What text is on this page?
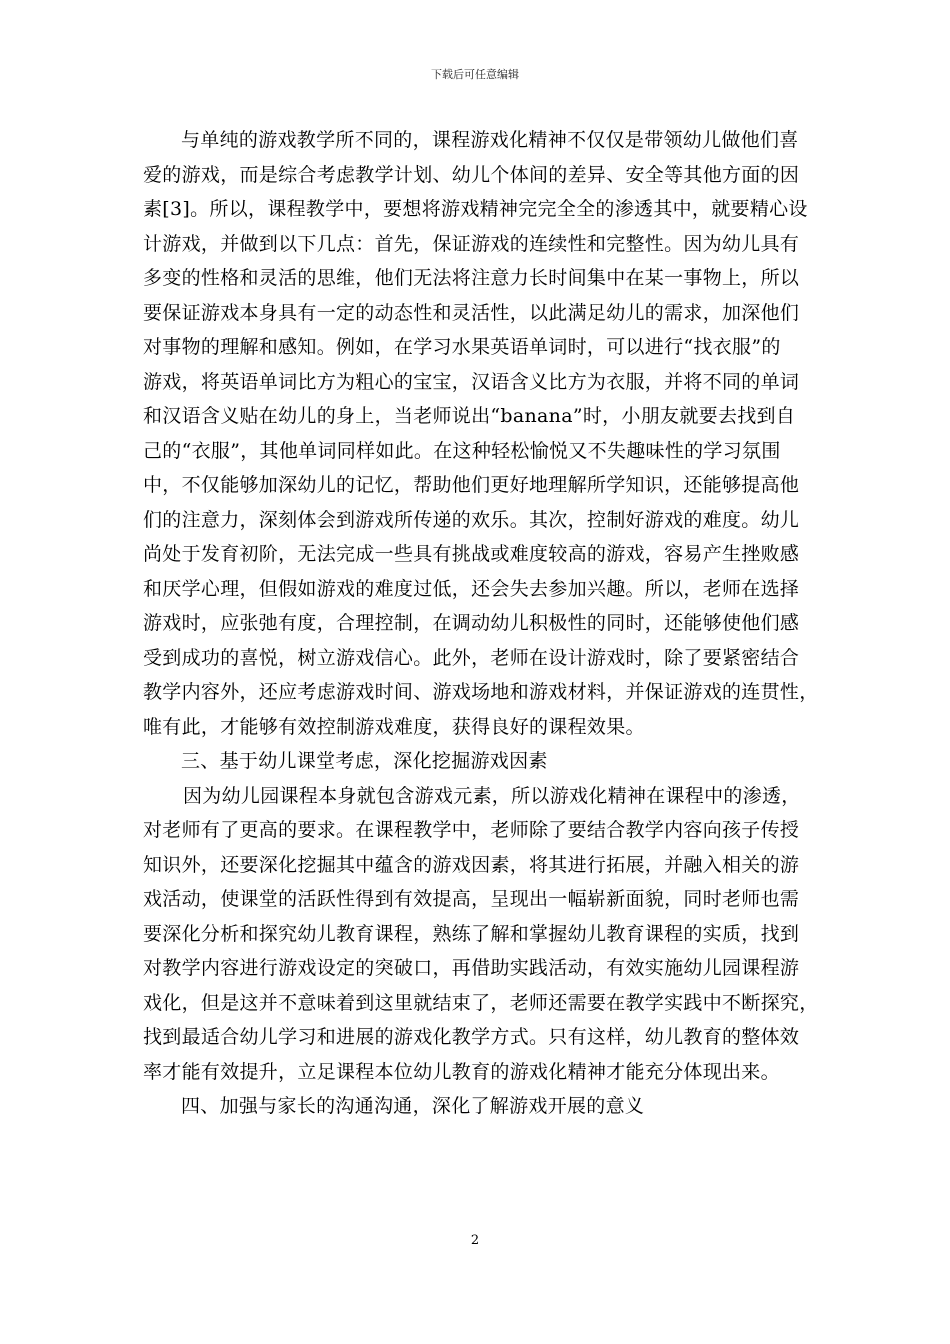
下载后可任意编辑
与单纯的游戏教学所不同的，课程游戏化精神不仅仅是带领幼儿做他们喜
爱的游戏，而是综合考虑教学计划、幼儿个体间的差异、安全等其他方面的因
素[3]。所以，课程教学中，要想将游戏精神完完全全的渗透其中，就要精心设
计游戏，并做到以下几点：首先，保证游戏的连续性和完整性。因为幼儿具有
多变的性格和灵活的思维，他们无法将注意力长时间集中在某一事物上，所以
要保证游戏本身具有一定的动态性和灵活性，以此满足幼儿的需求，加深他们
对事物的理解和感知。例如，在学习水果英语单词时，可以进行“找衣服”的
游戏，将英语单词比方为粗心的宝宝，汉语含义比方为衣服，并将不同的单词
和汉语含义贴在幼儿的身上，当老师说出“banana”时，小朋友就要去找到自
己的“衣服”，其他单词同样如此。在这种轻松愉悦又不失趣味性的学习氛围
中，不仅能够加深幼儿的记忆，帮助他们更好地理解所学知识，还能够提高他
们的注意力，深刻体会到游戏所传递的欢乐。其次，控制好游戏的难度。幼儿
尚处于发育初阶，无法完成一些具有挑战或难度较高的游戏，容易产生挫败感
和厌学心理，但假如游戏的难度过低，还会失去参加兴趣。所以，老师在选择
游戏时，应张弛有度，合理控制，在调动幼儿积极性的同时，还能够使他们感
受到成功的喜悦，树立游戏信心。此外，老师在设计游戏时，除了要紧密结合
教学内容外，还应考虑游戏时间、游戏场地和游戏材料，并保证游戏的连贯性，
唯有此，才能够有效控制游戏难度，获得良好的课程效果。
三、基于幼儿课堂考虑，深化挖掘游戏因素
因为幼儿园课程本身就包含游戏元素，所以游戏化精神在课程中的渗透，
对老师有了更高的要求。在课程教学中，老师除了要结合教学内容向孩子传授
知识外，还要深化挖掘其中蕴含的游戏因素，将其进行拓展，并融入相关的游
戏活动，使课堂的活跃性得到有效提高，呈现出一幅崭新面貌，同时老师也需
要深化分析和探究幼儿教育课程，熟练了解和掌握幼儿教育课程的实质，找到
对教学内容进行游戏设定的突破口，再借助实践活动，有效实施幼儿园课程游
戏化，但是这并不意味着到这里就结束了，老师还需要在教学实践中不断探究，
找到最适合幼儿学习和进展的游戏化教学方式。只有这样，幼儿教育的整体效
率才能有效提升，立足课程本位幼儿教育的游戏化精神才能充分体现出来。
四、加强与家长的沟通沟通，深化了解游戏开展的意义
2
